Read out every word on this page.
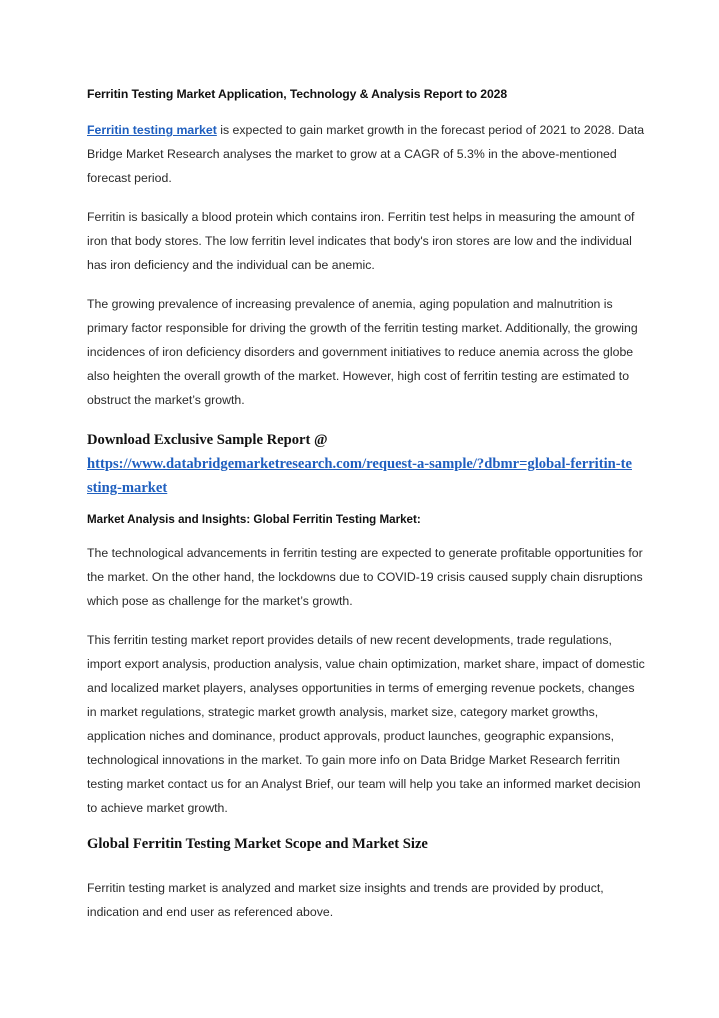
Ferritin Testing Market Application, Technology & Analysis Report to 2028

Ferritin testing market is expected to gain market growth in the forecast period of 2021 to 2028. Data Bridge Market Research analyses the market to grow at a CAGR of 5.3% in the above-mentioned forecast period.

Ferritin is basically a blood protein which contains iron. Ferritin test helps in measuring the amount of iron that body stores. The low ferritin level indicates that body's iron stores are low and the individual has iron deficiency and the individual can be anemic.

The growing prevalence of increasing prevalence of anemia, aging population and malnutrition is primary factor responsible for driving the growth of the ferritin testing market. Additionally, the growing incidences of iron deficiency disorders and government initiatives to reduce anemia across the globe also heighten the overall growth of the market. However, high cost of ferritin testing are estimated to obstruct the market’s growth.

Download Exclusive Sample Report @
https://www.databridgemarketresearch.com/request-a-sample/?dbmr=global-ferritin-testing-market
Market Analysis and Insights: Global Ferritin Testing Market:

The technological advancements in ferritin testing are expected to generate profitable opportunities for the market. On the other hand, the lockdowns due to COVID-19 crisis caused supply chain disruptions which pose as challenge for the market’s growth.

This ferritin testing market report provides details of new recent developments, trade regulations, import export analysis, production analysis, value chain optimization, market share, impact of domestic and localized market players, analyses opportunities in terms of emerging revenue pockets, changes in market regulations, strategic market growth analysis, market size, category market growths, application niches and dominance, product approvals, product launches, geographic expansions, technological innovations in the market. To gain more info on Data Bridge Market Research ferritin testing market contact us for an Analyst Brief, our team will help you take an informed market decision to achieve market growth.

Global Ferritin Testing Market Scope and Market Size

Ferritin testing market is analyzed and market size insights and trends are provided by product, indication and end user as referenced above.
